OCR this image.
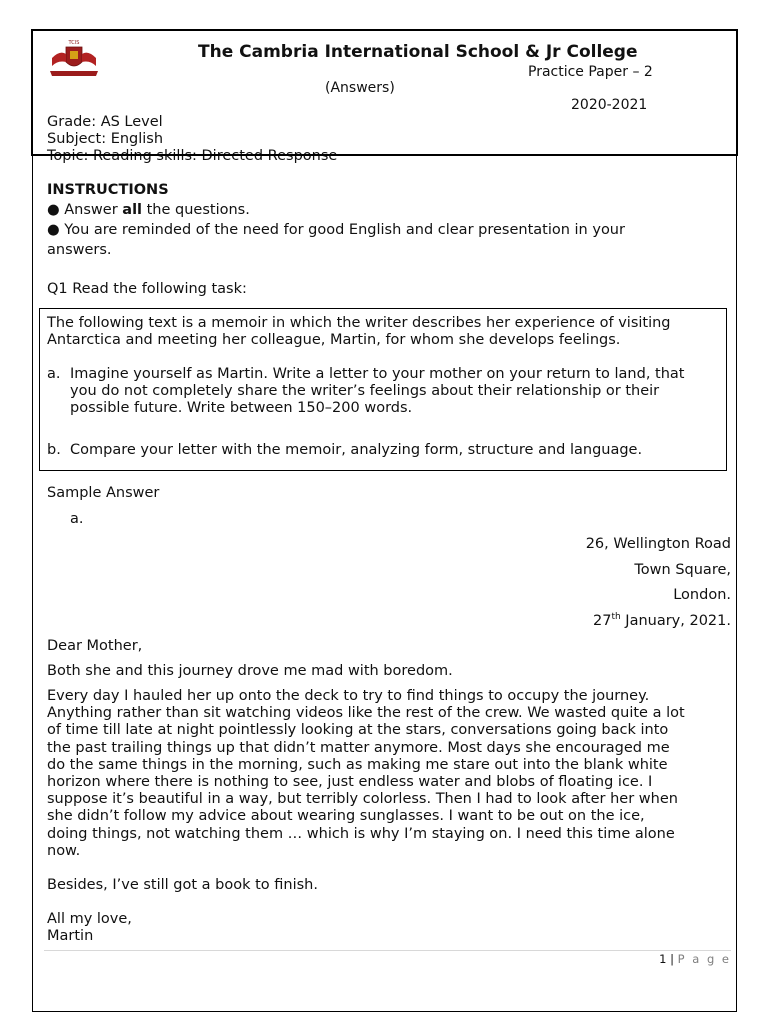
TCIS	The Cambria International School & Jr College
Practice Paper – 2
(Answers)
2020-2021
Grade: AS Level
Subject: English
Topic: Reading skills: Directed Response
INSTRUCTIONS
● Answer all the questions.
● You are reminded of the need for good English and clear presentation in your
answers.
Q1 Read the following task:
The following text is a memoir in which the writer describes her experience of visiting
Antarctica and meeting her colleague, Martin, for whom she develops feelings.
a. Imagine yourself as Martin. Write a letter to your mother on your return to land, that
you do not completely share the writer’s feelings about their relationship or their
possible future. Write between 150–200 words.
b. Compare your letter with the memoir, analyzing form, structure and language.
Sample Answer
a.
26, Wellington Road
Town Square,
London.
27th January, 2021.
Dear Mother,
Both she and this journey drove me mad with boredom.
Every day I hauled her up onto the deck to try to find things to occupy the journey.
Anything rather than sit watching videos like the rest of the crew. We wasted quite a lot
of time till late at night pointlessly looking at the stars, conversations going back into
the past trailing things up that didn’t matter anymore. Most days she encouraged me
do the same things in the morning, such as making me stare out into the blank white
horizon where there is nothing to see, just endless water and blobs of floating ice. I
suppose it’s beautiful in a way, but terribly colorless. Then I had to look after her when
she didn’t follow my advice about wearing sunglasses. I want to be out on the ice,
doing things, not watching them … which is why I’m staying on. I need this time alone
now.
Besides, I’ve still got a book to finish.
All my love,
Martin
1 | P a g e
